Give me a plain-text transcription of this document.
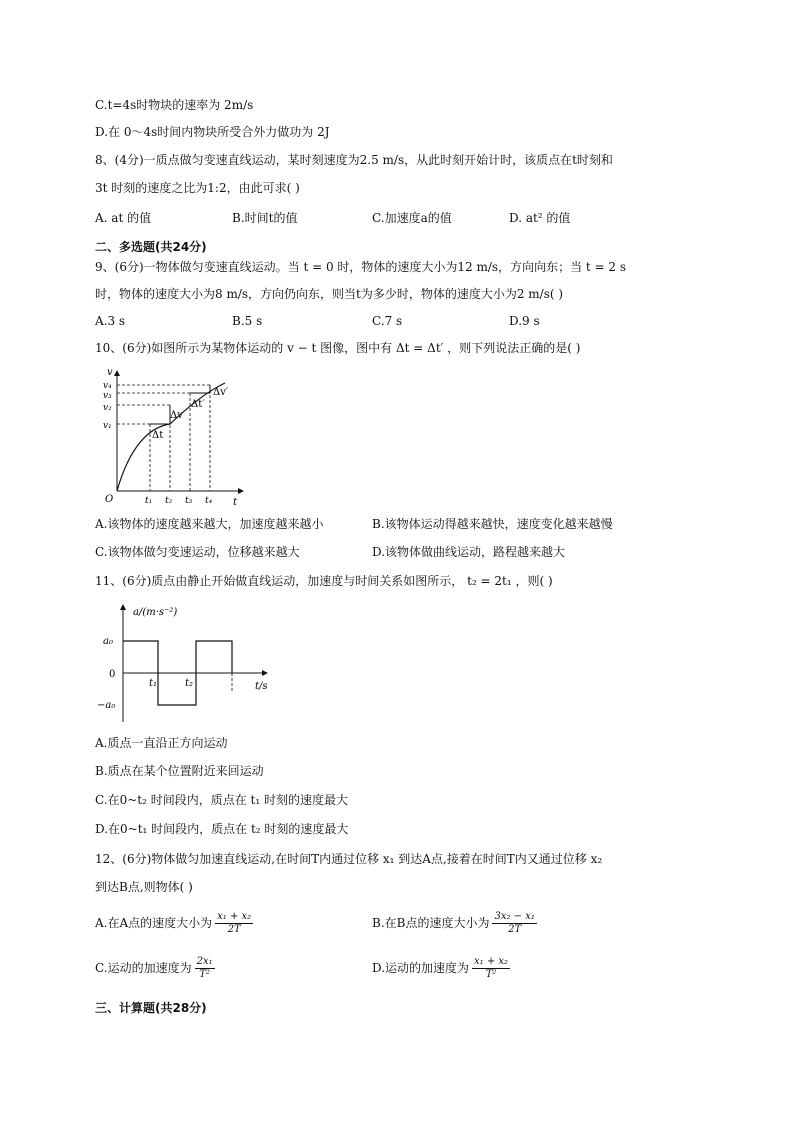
C.t=4s时物块的速率为 2m/s
D.在 0～4s时间内物块所受合外力做功为 2J
8、(4分)一质点做匀变速直线运动，某时刻速度为2.5 m/s，从此时刻开始计时，该质点在t时刻和
3t 时刻的速度之比为1:2，由此可求( )
A. at 的值	B.时间t的值	C.加速度a的值	D. at² 的值
二、多选题(共24分)
9、(6分)一物体做匀变速直线运动。当 t = 0 时，物体的速度大小为12 m/s，方向向东；当 t = 2 s
时，物体的速度大小为8 m/s，方向仍向东，则当t为多少时，物体的速度大小为2 m/s( )
A.3 s	B.5 s	C.7 s	D.9 s
10、(6分)如图所示为某物体运动的 v − t 图像，图中有 Δt = Δt′ ，则下列说法正确的是( )
v
t
O
v₄
v₃
v₂
v₁
t₁ t₂ t₃ t₄
Δt
Δv
Δt′
Δv′
A.该物体的速度越来越大，加速度越来越小	B.该物体运动得越来越快，速度变化越来越慢
C.该物体做匀变速运动，位移越来越大	D.该物体做曲线运动，路程越来越大
11、(6分)质点由静止开始做直线运动，加速度与时间关系如图所示， t₂ = 2t₁ ，则( )
a/(m·s⁻²)
t/s
0
a₀
−a₀
t₁	t₂
A.质点一直沿正方向运动
B.质点在某个位置附近来回运动
C.在0~t₂ 时间段内，质点在 t₁ 时刻的速度最大
D.在0~t₁ 时间段内，质点在 t₂ 时刻的速度最大
12、(6分)物体做匀加速直线运动,在时间T内通过位移 x₁ 到达A点,接着在时间T内又通过位移 x₂
到达B点,则物体( )
A.在A点的速度大小为 $\frac{\text{x₁ + x₂}}{2T}$	B.在B点的速度大小为 $\frac{\text{3x₂ − x₁}}{2T}$
C.运动的加速度为 $\frac{\text{2x₁}}{\text{T²}}$	D.运动的加速度为 $\frac{\text{x₁ + x₂}}{\text{T²}}$
三、计算题(共28分)
